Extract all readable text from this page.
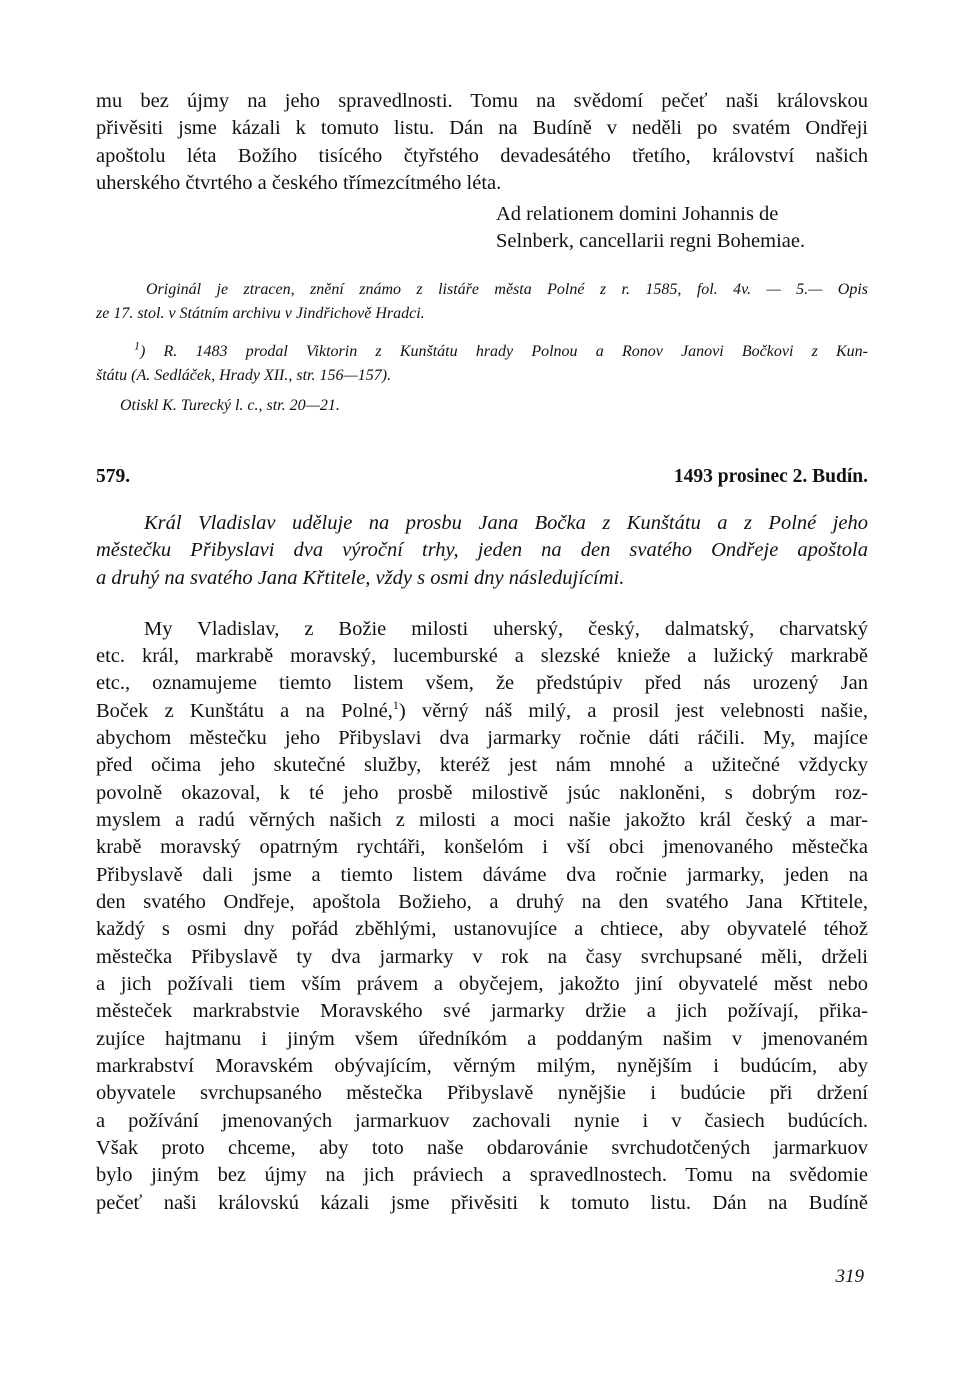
mu bez újmy na jeho spravedlnosti. Tomu na svědomí pečeť naši královskou
přivěsiti jsme kázali k tomuto listu. Dán na Budíně v neděli po svatém Ondřeji
apoštolu léta Božího tisícého čtyřstého devadesátého třetího, království našich
uherského čtvrtého a českého třímezcítmého léta.

Ad relationem domini Johannis de
Selnberk, cancellarii regni Bohemiae.

Originál je ztracen, znění známo z listáře města Polné z r. 1585, fol. 4v. — 5.— Opis

ze 17. stol. v Státním archivu v Jindřichově Hradci.

$^1$) R. 1483 prodal Viktorin z Kunštátu hrady Polnou a Ronov Janovi Bočkovi z Kun-

štátu (A. Sedláček, Hrady XII., str. 156—157).

Otiskl K. Turecký l. c., str. 20—21.

579.	1493 prosinec 2. Budín.

Král Vladislav uděluje na prosbu Jana Bočka z Kunštátu a z Polné jeho

městečku Přibyslavi dva výroční trhy, jeden na den svatého Ondřeje apoštola
a druhý na svatého Jana Křtitele, vždy s osmi dny následujícími.

My Vladislav, z Božie milosti uherský, český, dalmatský, charvatský
etc. král, markrabě moravský, lucemburské a slezské knieže a lužický markrabě
etc., oznamujeme tiemto listem všem, že předstúpiv před nás urozený Jan
Boček z Kunštátu a na Polné,$^1$) věrný náš milý, a prosil jest velebnosti našie,
abychom městečku jeho Přibyslavi dva jarmarky ročnie dáti ráčili. My, majíce
před očima jeho skutečné služby, kteréž jest nám mnohé a užitečné vždycky
povolně okazoval, k té jeho prosbě milostivě jsúc nakloněni, s dobrým roz-
myslem a radú věrných našich z milosti a moci našie jakožto král český a mar-
krabě moravský opatrným rychtáři, konšelóm i vší obci jmenovaného městečka
Přibyslavě dali jsme a tiemto listem dáváme dva ročnie jarmarky, jeden na
den svatého Ondřeje, apoštola Božieho, a druhý na den svatého Jana Křtitele,
každý s osmi dny pořád zběhlými, ustanovujíce a chtiece, aby obyvatelé téhož
městečka Přibyslavě ty dva jarmarky v rok na časy svrchupsané měli, drželi
a jich požívali tiem vším právem a obyčejem, jakožto jiní obyvatelé měst nebo
městeček markrabstvie Moravského své jarmarky držie a jich požívají, přika-
zujíce hajtmanu i jiným všem úředníkóm a poddaným našim v jmenovaném
markrabství Moravském obývajícím, věrným milým, nynějším i budúcím, aby
obyvatele svrchupsaného městečka Přibyslavě nynějšie i budúcie při držení
a požívání jmenovaných jarmarkuov zachovali nynie i v časiech budúcích.
Však proto chceme, aby toto naše obdarovánie svrchudotčených jarmarkuov
bylo jiným bez újmy na jich práviech a spravedlnostech. Tomu na svědomie
pečeť naši královskú kázali jsme přivěsiti k tomuto listu. Dán na Budíně

319
